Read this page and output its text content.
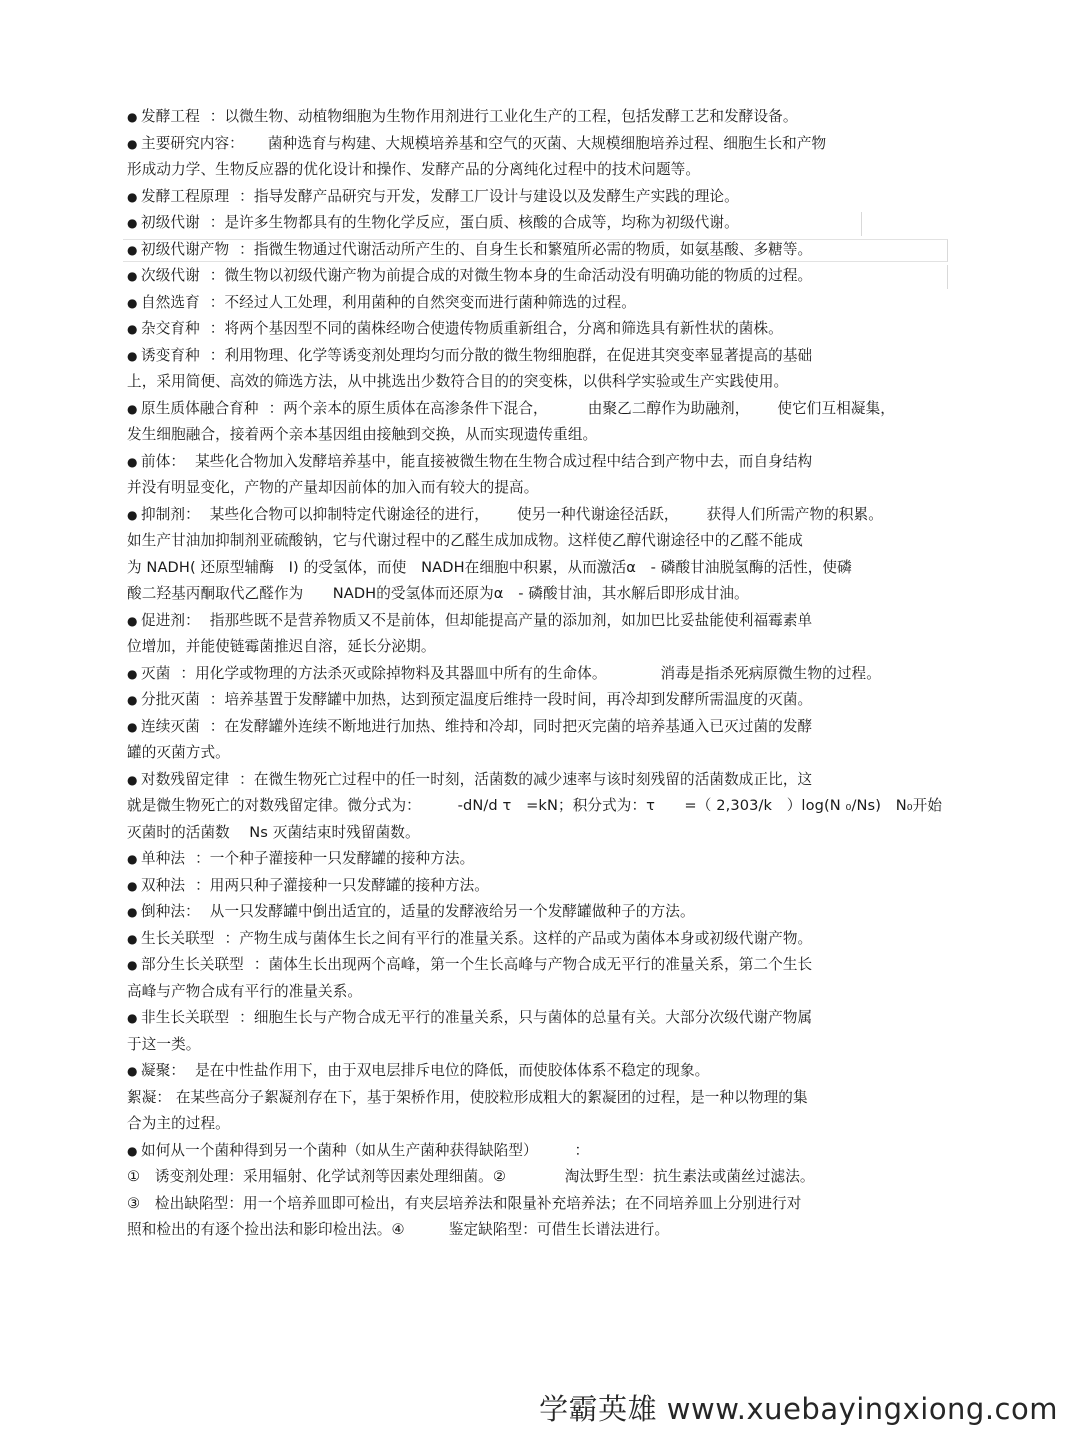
● 发酵工程 ：以微生物、动植物细胞为生物作用剂进行工业化生产的工程，包括发酵工艺和发酵设备。
● 主要研究内容： 菌种选育与构建、大规模培养基和空气的灭菌、大规模细胞培养过程、细胞生长和产物
形成动力学、生物反应器的优化设计和操作、发酵产品的分离纯化过程中的技术问题等。
● 发酵工程原理 ：指导发酵产品研究与开发，发酵工厂设计与建设以及发酵生产实践的理论。
● 初级代谢 ：是许多生物都具有的生物化学反应，蛋白质、核酸的合成等，均称为初级代谢。
● 初级代谢产物 ：指微生物通过代谢活动所产生的、自身生长和繁殖所必需的物质，如氨基酸、多糖等。
● 次级代谢 ：微生物以初级代谢产物为前提合成的对微生物本身的生命活动没有明确功能的物质的过程。
● 自然选育 ：不经过人工处理，利用菌种的自然突变而进行菌种筛选的过程。
● 杂交育种 ：将两个基因型不同的菌株经吻合使遗传物质重新组合，分离和筛选具有新性状的菌株。
● 诱变育种 ：利用物理、化学等诱变剂处理均匀而分散的微生物细胞群，在促进其突变率显著提高的基础
上，采用简便、高效的筛选方法，从中挑选出少数符合目的的突变株，以供科学实验或生产实践使用。
● 原生质体融合育种 ：两个亲本的原生质体在高渗条件下混合，	由聚乙二醇作为助融剂， 使它们互相凝集，
发生细胞融合，接着两个亲本基因组由接触到交换，从而实现遗传重组。
● 前体： 某些化合物加入发酵培养基中，能直接被微生物在生物合成过程中结合到产物中去，而自身结构
并没有明显变化，产物的产量却因前体的加入而有较大的提高。
● 抑制剂： 某些化合物可以抑制特定代谢途径的进行， 使另一种代谢途径活跃， 获得人们所需产物的积累。
如生产甘油加抑制剂亚硫酸钠，它与代谢过程中的乙醛生成加成物。这样使乙醇代谢途径中的乙醛不能成
为 NADH( 还原型辅酶　I) 的受氢体，而使　NADH在细胞中积累，从而激活α　- 磷酸甘油脱氢酶的活性，使磷
酸二羟基丙酮取代乙醛作为　　NADH的受氢体而还原为α　- 磷酸甘油，其水解后即形成甘油。
● 促进剂： 指那些既不是营养物质又不是前体，但却能提高产量的添加剂，如加巴比妥盐能使利福霉素单
位增加，并能使链霉菌推迟自溶，延长分泌期。
● 灭菌 ：用化学或物理的方法杀灭或除掉物料及其器皿中所有的生命体。	消毒是指杀死病原微生物的过程。
● 分批灭菌 ：培养基置于发酵罐中加热，达到预定温度后维持一段时间，再冷却到发酵所需温度的灭菌。
● 连续灭菌 ：在发酵罐外连续不断地进行加热、维持和冷却，同时把灭完菌的培养基通入已灭过菌的发酵
罐的灭菌方式。
● 对数残留定律 ：在微生物死亡过程中的任一时刻，活菌数的减少速率与该时刻残留的活菌数成正比，这
就是微生物死亡的对数残留定律。微分式为：　　　-dN/d τ　=kN；积分式为：τ　　=（ 2,303/k　）log(N ₀/Ns)　N₀开始
灭菌时的活菌数　 Ns 灭菌结束时残留菌数。
● 单种法 ：一个种子灌接种一只发酵罐的接种方法。
● 双种法 ：用两只种子灌接种一只发酵罐的接种方法。
● 倒种法： 从一只发酵罐中倒出适宜的，适量的发酵液给另一个发酵罐做种子的方法。
● 生长关联型 ：产物生成与菌体生长之间有平行的准量关系。这样的产品或为菌体本身或初级代谢产物。
● 部分生长关联型 ：菌体生长出现两个高峰，第一个生长高峰与产物合成无平行的准量关系，第二个生长
高峰与产物合成有平行的准量关系。
● 非生长关联型 ：细胞生长与产物合成无平行的准量关系，只与菌体的总量有关。大部分次级代谢产物属
于这一类。
● 凝聚： 是在中性盐作用下，由于双电层排斥电位的降低，而使胶体体系不稳定的现象。
絮凝： 在某些高分子絮凝剂存在下，基于架桥作用，使胶粒形成粗大的絮凝团的过程，是一种以物理的集
合为主的过程。
● 如何从一个菌种得到另一个菌种（如从生产菌种获得缺陷型）　　　：
①　诱变剂处理：采用辐射、化学试剂等因素处理细菌。②　　　　淘汰野生型：抗生素法或菌丝过滤法。
③　检出缺陷型：用一个培养皿即可检出，有夹层培养法和限量补充培养法；在不同培养皿上分别进行对
照和检出的有逐个捡出法和影印检出法。④　　　鉴定缺陷型：可借生长谱法进行。
学霸英雄 www.xuebayingxiong.com
